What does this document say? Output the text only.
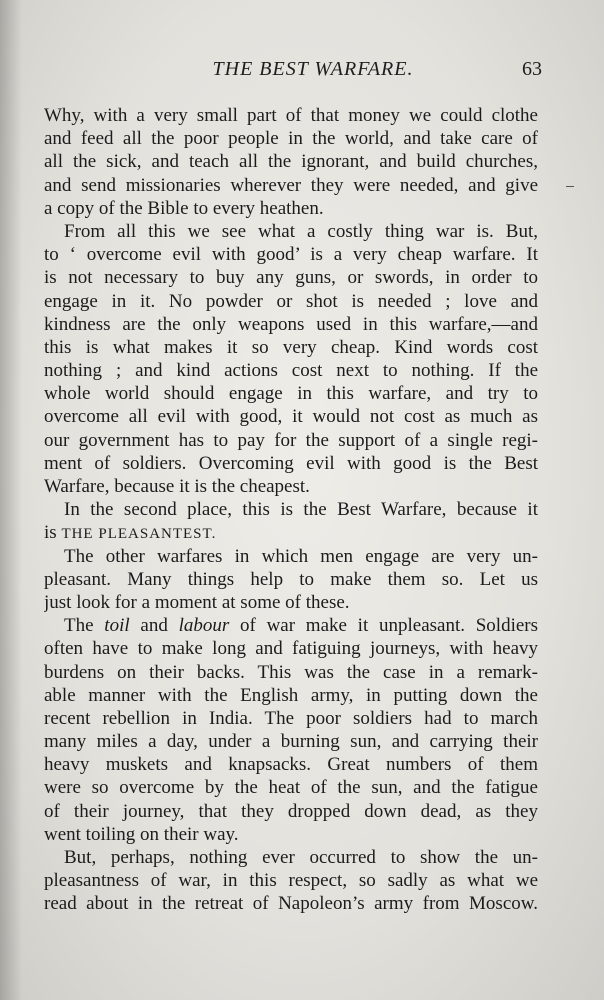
THE BEST WARFARE.	63
Why, with a very small part of that money we could clothe
and feed all the poor people in the world, and take care of
all the sick, and teach all the ignorant, and build churches,
and send missionaries wherever they were needed, and give
a copy of the Bible to every heathen.
From all this we see what a costly thing war is. But,
to ‘ overcome evil with good’ is a very cheap warfare. It
is not necessary to buy any guns, or swords, in order to
engage in it. No powder or shot is needed ; love and
kindness are the only weapons used in this warfare,—and
this is what makes it so very cheap. Kind words cost
nothing ; and kind actions cost next to nothing. If the
whole world should engage in this warfare, and try to
overcome all evil with good, it would not cost as much as
our government has to pay for the support of a single regi-
ment of soldiers. Overcoming evil with good is the Best
Warfare, because it is the cheapest.
In the second place, this is the Best Warfare, because it
is THE PLEASANTEST.
The other warfares in which men engage are very un-
pleasant. Many things help to make them so. Let us
just look for a moment at some of these.
The toil and labour of war make it unpleasant. Soldiers
often have to make long and fatiguing journeys, with heavy
burdens on their backs. This was the case in a remark-
able manner with the English army, in putting down the
recent rebellion in India. The poor soldiers had to march
many miles a day, under a burning sun, and carrying their
heavy muskets and knapsacks. Great numbers of them
were so overcome by the heat of the sun, and the fatigue
of their journey, that they dropped down dead, as they
went toiling on their way.
But, perhaps, nothing ever occurred to show the un-
pleasantness of war, in this respect, so sadly as what we
read about in the retreat of Napoleon’s army from Moscow.
